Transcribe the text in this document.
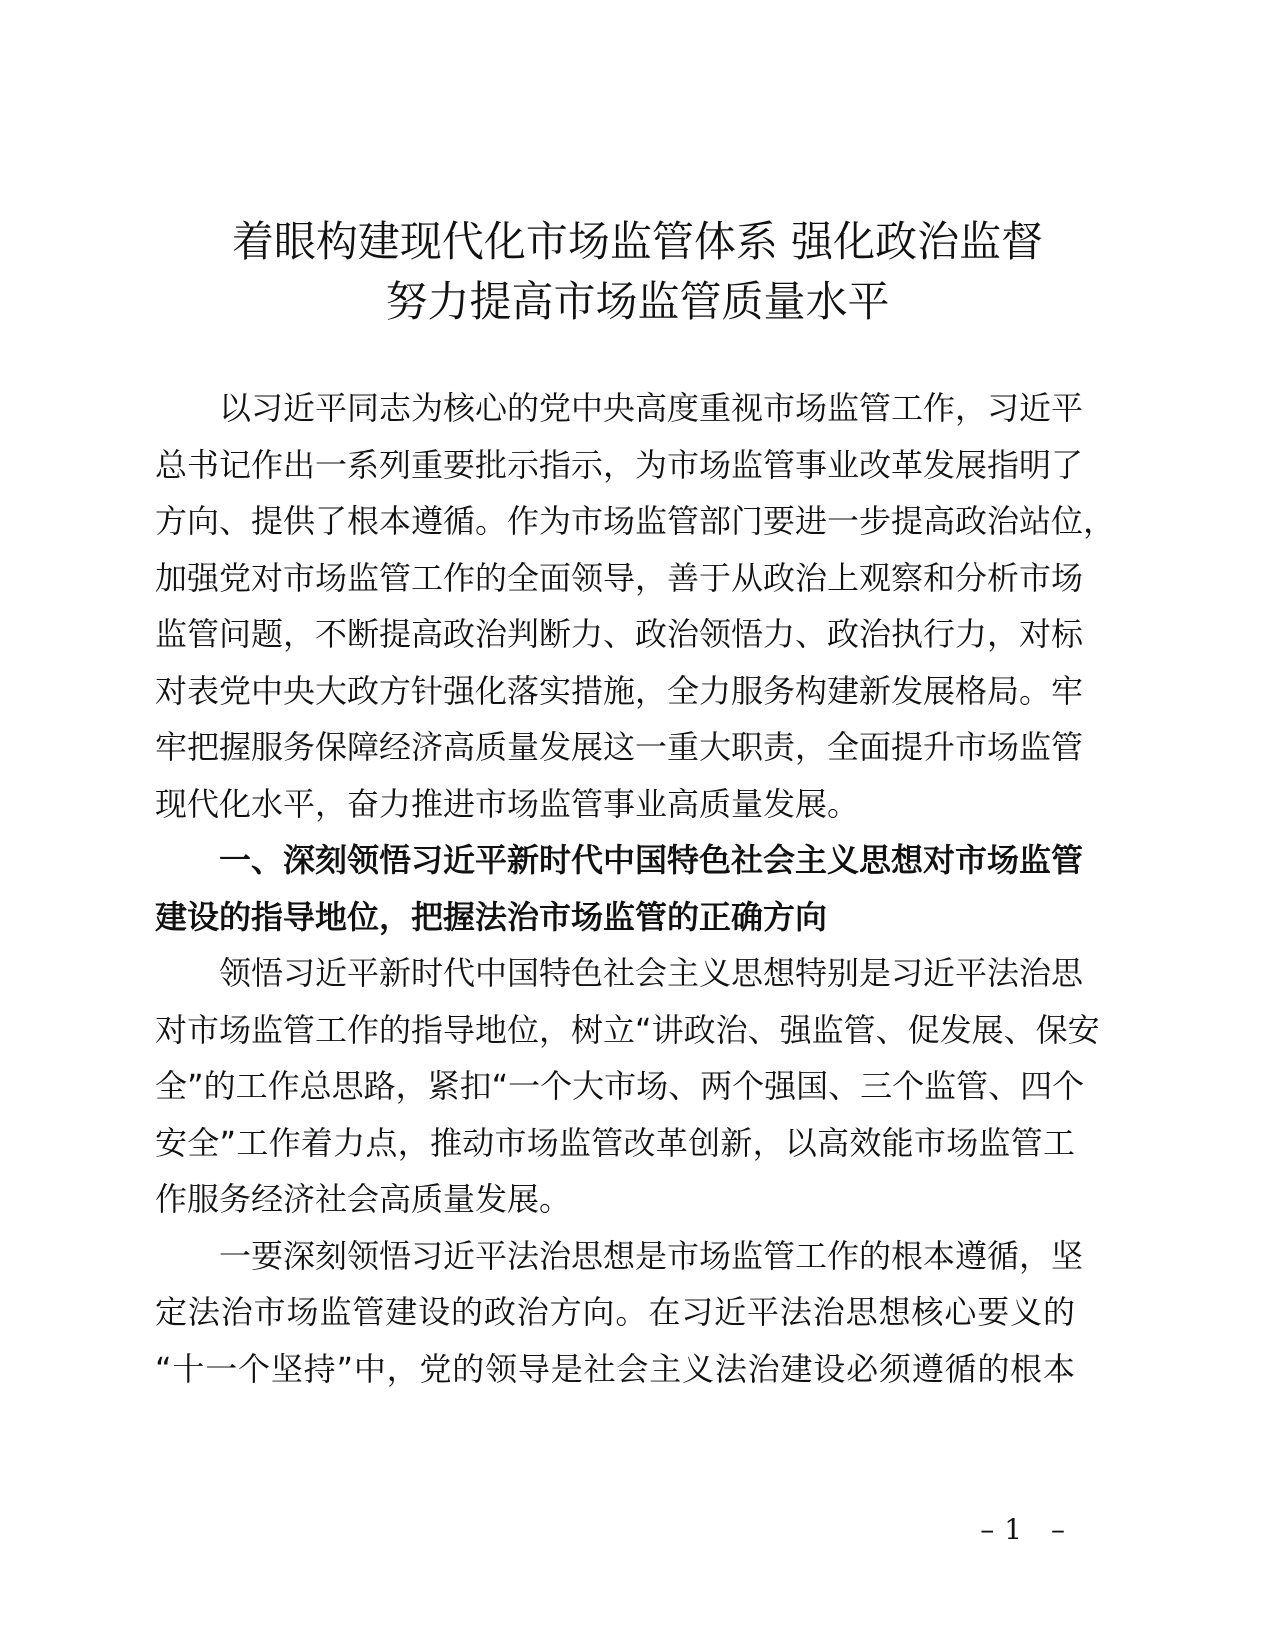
着眼构建现代化市场监管体系 强化政治监督
努力提高市场监管质量水平
以习近平同志为核心的党中央高度重视市场监管工作，习近平
总书记作出一系列重要批示指示，为市场监管事业改革发展指明了
方向、提供了根本遵循。作为市场监管部门要进一步提高政治站位，
加强党对市场监管工作的全面领导，善于从政治上观察和分析市场
监管问题，不断提高政治判断力、政治领悟力、政治执行力，对标
对表党中央大政方针强化落实措施，全力服务构建新发展格局。牢
牢把握服务保障经济高质量发展这一重大职责，全面提升市场监管
现代化水平，奋力推进市场监管事业高质量发展。
一、深刻领悟习近平新时代中国特色社会主义思想对市场监管
建设的指导地位，把握法治市场监管的正确方向
领悟习近平新时代中国特色社会主义思想特别是习近平法治思
对市场监管工作的指导地位，树立“讲政治、强监管、促发展、保安
全”的工作总思路，紧扣“一个大市场、两个强国、三个监管、四个
安全”工作着力点，推动市场监管改革创新，以高效能市场监管工
作服务经济社会高质量发展。
一要深刻领悟习近平法治思想是市场监管工作的根本遵循，坚
定法治市场监管建设的政治方向。在习近平法治思想核心要义的
“十一个坚持”中，党的领导是社会主义法治建设必须遵循的根本
–1 –
